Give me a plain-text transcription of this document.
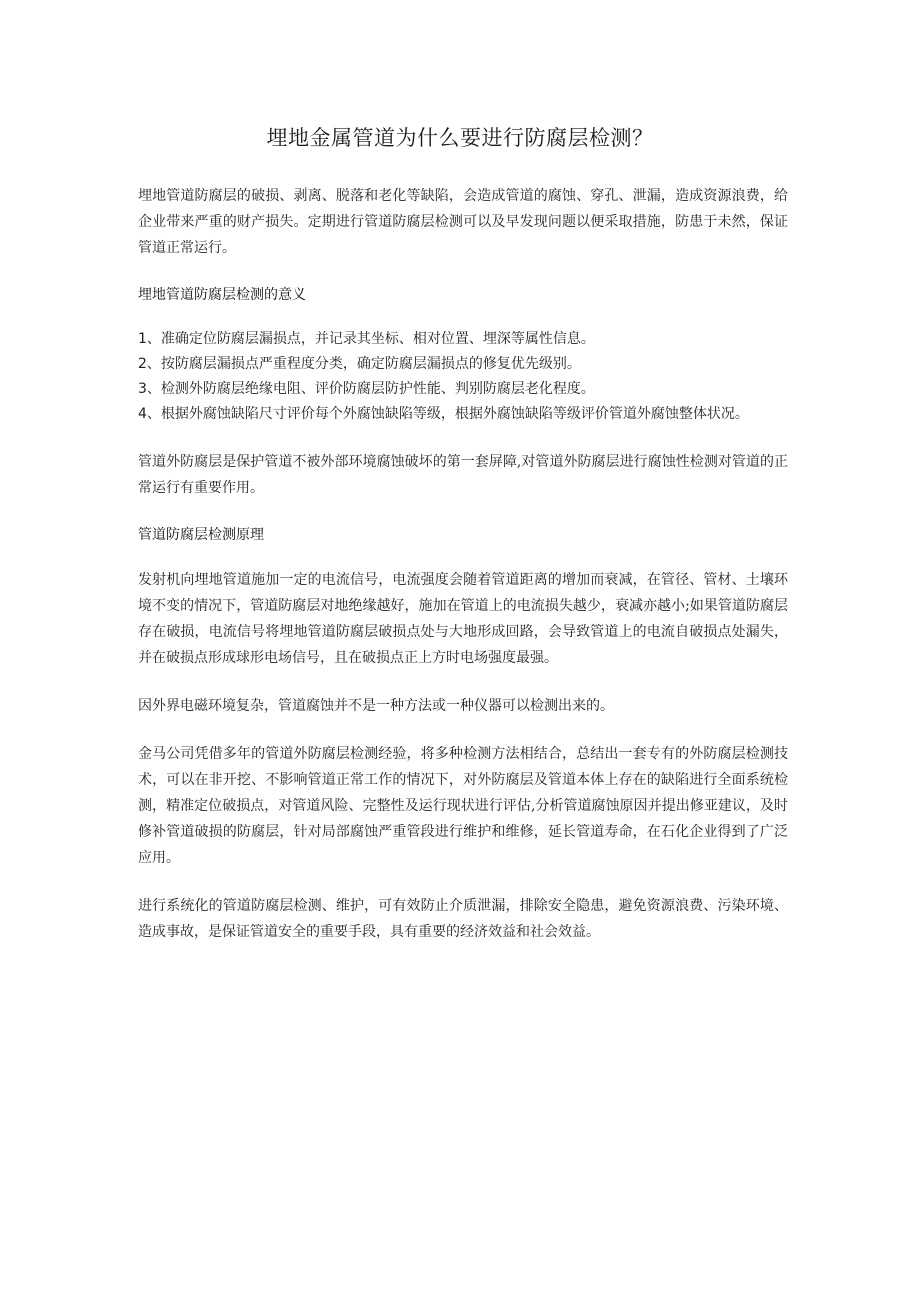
埋地金属管道为什么要进行防腐层检测？

埋地管道防腐层的破损、剥离、脱落和老化等缺陷，会造成管道的腐蚀、穿孔、泄漏，造成资源浪费，给企业带来严重的财产损失。定期进行管道防腐层检测可以及早发现问题以便采取措施，防患于未然，保证管道正常运行。

埋地管道防腐层检测的意义
1、准确定位防腐层漏损点，并记录其坐标、相对位置、埋深等属性信息。
2、按防腐层漏损点严重程度分类，确定防腐层漏损点的修复优先级别。
3、检测外防腐层绝缘电阻、评价防腐层防护性能、判别防腐层老化程度。
4、根据外腐蚀缺陷尺寸评价每个外腐蚀缺陷等级，根据外腐蚀缺陷等级评价管道外腐蚀整体状况。

管道外防腐层是保护管道不被外部环境腐蚀破坏的第一套屏障,对管道外防腐层进行腐蚀性检测对管道的正常运行有重要作用。

管道防腐层检测原理

发射机向埋地管道施加一定的电流信号，电流强度会随着管道距离的增加而衰减，在管径、管材、土壤环境不变的情况下，管道防腐层对地绝缘越好，施加在管道上的电流损失越少，衰减亦越小;如果管道防腐层存在破损，电流信号将埋地管道防腐层破损点处与大地形成回路，会导致管道上的电流自破损点处漏失，并在破损点形成球形电场信号，且在破损点正上方时电场强度最强。

因外界电磁环境复杂，管道腐蚀并不是一种方法或一种仪器可以检测出来的。

金马公司凭借多年的管道外防腐层检测经验，将多种检测方法相结合，总结出一套专有的外防腐层检测技术，可以在非开挖、不影响管道正常工作的情况下，对外防腐层及管道本体上存在的缺陷进行全面系统检测，精准定位破损点，对管道风险、完整性及运行现状进行评估,分析管道腐蚀原因并提出修亚建议，及时修补管道破损的防腐层，针对局部腐蚀严重管段进行维护和维修，延长管道寿命，在石化企业得到了广泛应用。

进行系统化的管道防腐层检测、维护，可有效防止介质泄漏，排除安全隐患，避免资源浪费、污染环境、造成事故，是保证管道安全的重要手段，具有重要的经济效益和社会效益。
